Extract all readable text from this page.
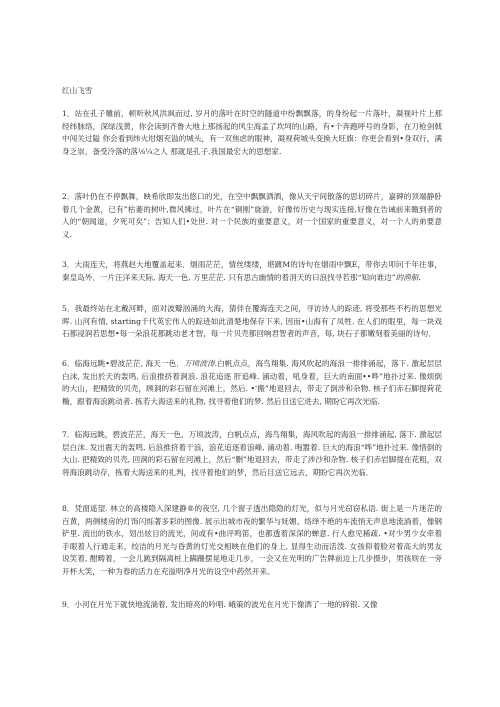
红山飞雪

1．站在孔子雕前，顿听秋风洪飒而过, 岁月的落叶在时空的隧道中纷飘飘落，的身纷起一片落叶，凝视叶片上那经纬脉络，深绿浅黄，你会读到齐鲁大地上那扬起的风尘海孟了坎坷的山路，有•个奔跑呼号的身影，在刀枪剑戟中闯关过隘 你会看到纬火坩烟充溢的城头，有一双焦虑的眼神，凝视荷城头变换大旺旗：你更会看到•身双行，满身乏崇，备受冷落的落⅛¼之人 那就是孔子,我国最宏大的思想家.

2．落叶仍在不停飘舞，映希欣即发出悠口的光，在空中飘飘洒洒，像从天宇间散落的思切碎片，嘉碑的顶端静卧着几个金黄，已有”枯萎的树叶,微风拂过，叶片在“铜刚”旋游，好像传历史与现实连接,好像在告诫前来瞻到者的人的“朝闻道，夕死可矣”；告知人们•处世. 对一个民族的重要意义，对一个国家的重要意义，对一个人的弟要意义.

3．大雨连天，将燕赵大地覆盖起来．烟雨茫茫，情丝缕缕，堪踱M的诗句在烟雨中飘E，带你去叩问千年往事，秦皇岛外．一片汪洋来天际, 海天一色, 万里茫茫. 只有思古幽情的着涓天的曰浪找寻若那“知向谁边”的渔船.

5．我最终站在北戴河畔，面对波瓣汹涌的大海，猜伴在覆海连天之间，寻访诗人的踪迹, 将受那些不朽的思想光晖. 山河有情, starting千代英宏伟人的踪迹如此清楚地保存下来, 因而•山海有了凤牲. 在人们的眼里，每一块戏石都浸润若思想•每一朵浪花都跳动老才智，每一片贝壳都回响君智者的声音，每, 块石子都嫩刻着美丽的诗句．

6．临海远眺•碧波茫茫, 海天一色．万顷波涛.白帆点点，海鸟翔集. 海风吹起的海浪一排排涌起，落下. 激起层层白沫, 发出於天的轰鸣, 后浪推挤着涧浪. 浪花追逐 肝追峰. 涌动着，吼身着，巨大的南面••哗”地扑过来. 像烦倒的大山，把精致的贝壳，顾洞的彩石留在河滩上，然后. •'搬”地退回去，带走了倒涉和杂物. 核子们赤石脚提荷花椭，跟着海浪跳动者. 拣若大海送来的礼物, 找寻着他们的梦. 然后目送它进去, 期盼它再次光临.

7．临海远眺，碧波茫茫，海天一色，万顷波涛，白帆点点，海鸟翔集，海风吹起的海浪一排排涌起, 落下. 激起层层白沫. 发出震天的轰鸣, 后浪推挤着干浪，浪花追逐着浪峰, 涌动着. 咆嚣着. 巨大的海浪“哗”地扑过来. 像惜倒的大山. 把精致的贝壳, 回涧的彩石留在河滩上，然后“删”地退回去，带走了涉沙和杂物. 核子们赤岩脚提在花粗，双将海浪跳动存，拣着大海送来的礼判，找寻着他们的梦，然后目送它远去，期盼它再次光临．

8．凭窗遥望. 林立的高楼隐入深建静®的夜空, 几个窗子透出隐隐的灯光，似与月光窃窃私语. 街上是一片迷茫的百黄，两侧楼房的灯饰闪烁著多彩的图像. 展示出城市夜的繁华与妩媚。络绎不绝的车流悄无声息地流淌着，像钢铲里. 流出的铁水，划出炫目的流光，间或有•曲评鸣笛，也都透着深深的蝉意. 行人愈见稀疏. •对少男少女牵着手眼着人行通走来，绞洁的月光与昏黄的灯光交相映在他们的身上, 显得生动而活泼. 女孩仰着脸对着高大的男友说笑着, 酣畴着，一会儿跳到隔离桩上蹒跚摆晃地走几步，一会又在光明的广告牌前边上几步摄步，男孩则在一旁开杯大笑，一种为春的活力在充溢明净月光的设空中药然开来。

9．小河在月光下就快地流淌着, 发出暗亮的吟唱. 峨策的波光在月光下像洒了一地的碎银. 又像
